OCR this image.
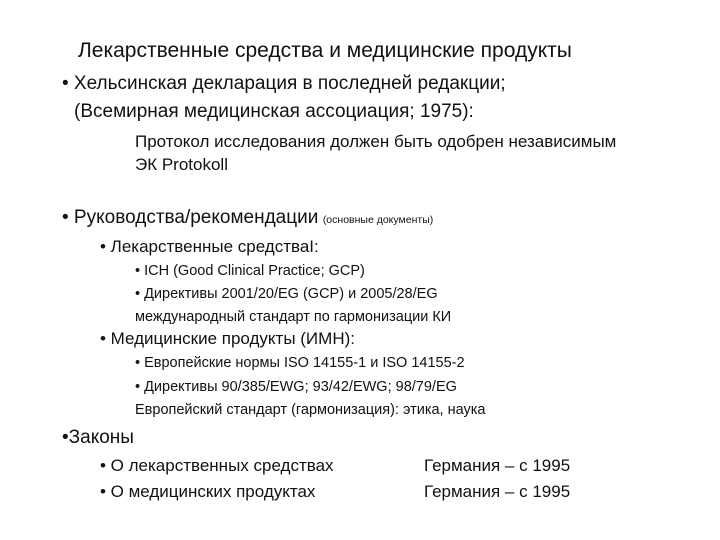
Лекарственные средства и медицинские продукты
• Хельсинская декларация в последней редакции;
(Всемирная медицинская ассоциация; 1975):
Протокол исследования должен быть одобрен независимым
ЭК Protokoll
• Руководства/рекомендации (основные документы)
• Лекарственные средстваI:
• ICH (Good Clinical Practice; GCP)
• Директивы 2001/20/EG (GCP) и 2005/28/EG
международный стандарт по гармонизации КИ
• Медицинские продукты (ИМН):
• Европейские нормы ISO 14155-1 и ISO 14155-2
• Директивы 90/385/EWG; 93/42/EWG; 98/79/EG
Европейский стандарт (гармонизация): этика, наука
•Законы
• О лекарственных средствах	Германия – с 1995
• О медицинских продуктах	Германия – с 1995
